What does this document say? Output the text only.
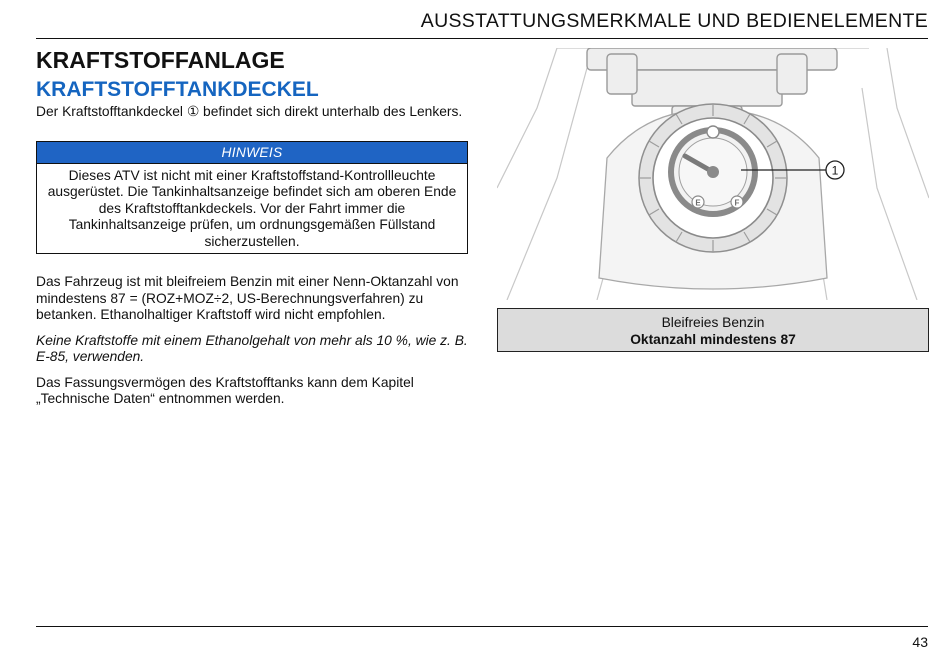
AUSSTATTUNGSMERKMALE UND BEDIENELEMENTE
KRAFTSTOFFANLAGE
KRAFTSTOFFTANKDECKEL

Der Kraftstofftankdeckel ① befindet sich direkt unterhalb des Lenkers.

HINWEIS
Dieses ATV ist nicht mit einer Kraftstoffstand-Kontrollleuchte ausgerüstet. Die Tankinhaltsanzeige befindet sich am oberen Ende des Kraftstofftankdeckels. Vor der Fahrt immer die Tankinhaltsanzeige prüfen, um ordnungsgemäßen Füllstand sicherzustellen.

Das Fahrzeug ist mit bleifreiem Benzin mit einer Nenn-Oktanzahl von mindestens 87 = (ROZ+MOZ÷2, US-Berechnungsverfahren) zu betanken. Ethanolhaltiger Kraftstoff wird nicht empfohlen.

Keine Kraftstoffe mit einem Ethanolgehalt von mehr als 10 %, wie z. B. E-85, verwenden.

Das Fassungsvermögen des Kraftstofftanks kann dem Kapitel „Technische Daten“ entnommen werden.

E	F
1
Bleifreies Benzin
Oktanzahl mindestens 87
43
